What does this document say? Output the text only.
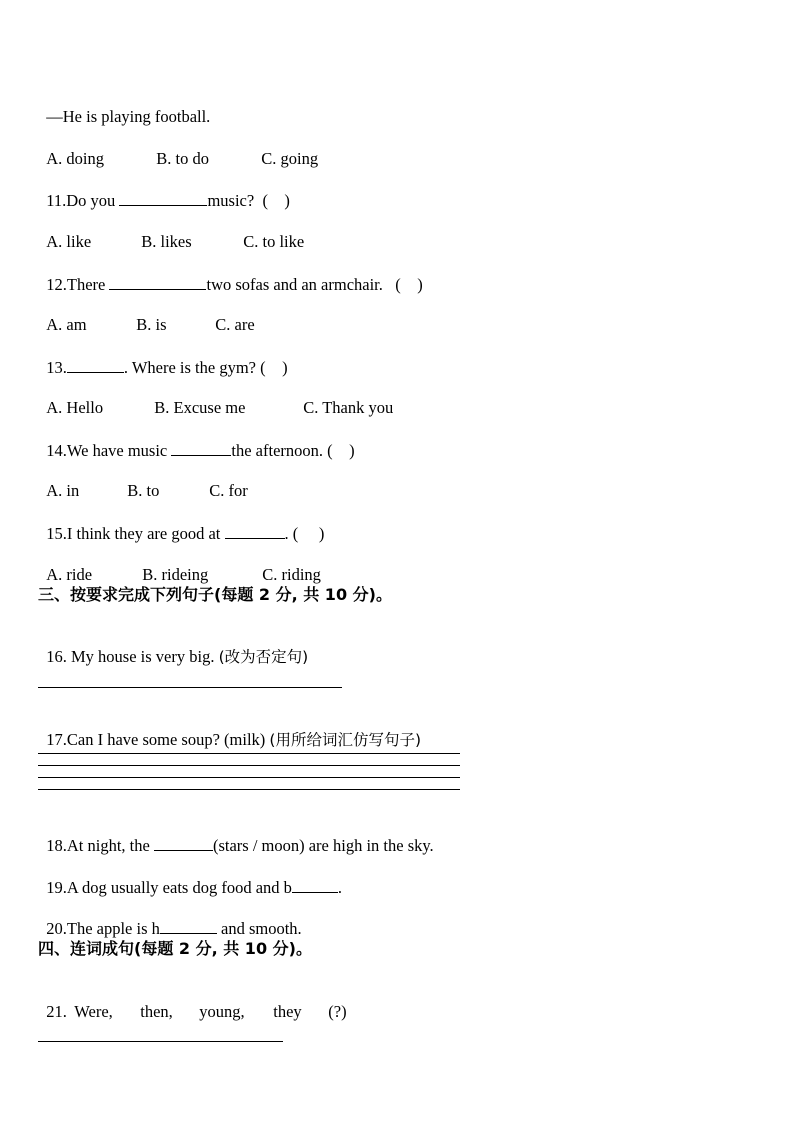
—He is playing football.

A. doing	B. to do	C. going

11.Do you	music? (    )

A. like	B. likes	C. to like

12.There	two sofas and an armchair. (    )

A. am	B. is	C. are

13.	. Where is the gym? (    )

A. Hello	B. Excuse me	C. Thank you

14.We have music	the afternoon. (    )

A. in	B. to	C. for

15.I think they are good at	. (     )

A. ride	B. rideing	C. riding

三、按要求完成下列句子(每题 2 分, 共 10 分)。

16. My house is very big. (改为否定句)

17.Can I have some soup? (milk) (用所给词汇仿写句子)

18.At night, the	(stars / moon) are high in the sky.

19.A dog usually eats dog food and b	.

20.The apple is h	and smooth.

四、连词成句(每题 2 分, 共 10 分)。

21. Were, then, young, they (?)
